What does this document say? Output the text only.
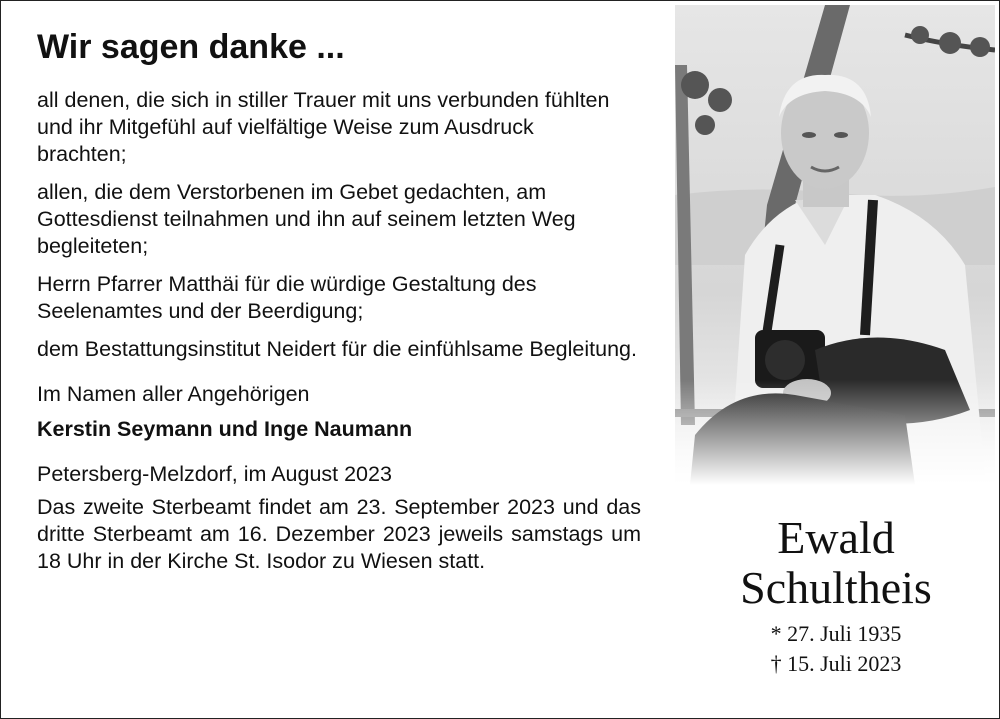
Wir sagen danke ...

all denen, die sich in stiller Trauer mit uns verbunden fühlten und ihr Mitgefühl auf vielfältige Weise zum Ausdruck brachten;

allen, die dem Verstorbenen im Gebet gedachten, am Gottesdienst teilnahmen und ihn auf seinem letzten Weg begleiteten;

Herrn Pfarrer Matthäi für die würdige Gestaltung des Seelenamtes und der Beerdigung;

dem Bestattungsinstitut Neidert für die einfühlsame Begleitung.

Im Namen aller Angehörigen

Kerstin Seymann und Inge Naumann

Petersberg-Melzdorf, im August 2023

Das zweite Sterbeamt findet am 23. September 2023 und das dritte Sterbeamt am 16. Dezember 2023 jeweils samstags um 18 Uhr in der Kirche St. Isodor zu Wiesen statt.	Ewald
Schultheis
* 27. Juli 1935
† 15. Juli 2023
